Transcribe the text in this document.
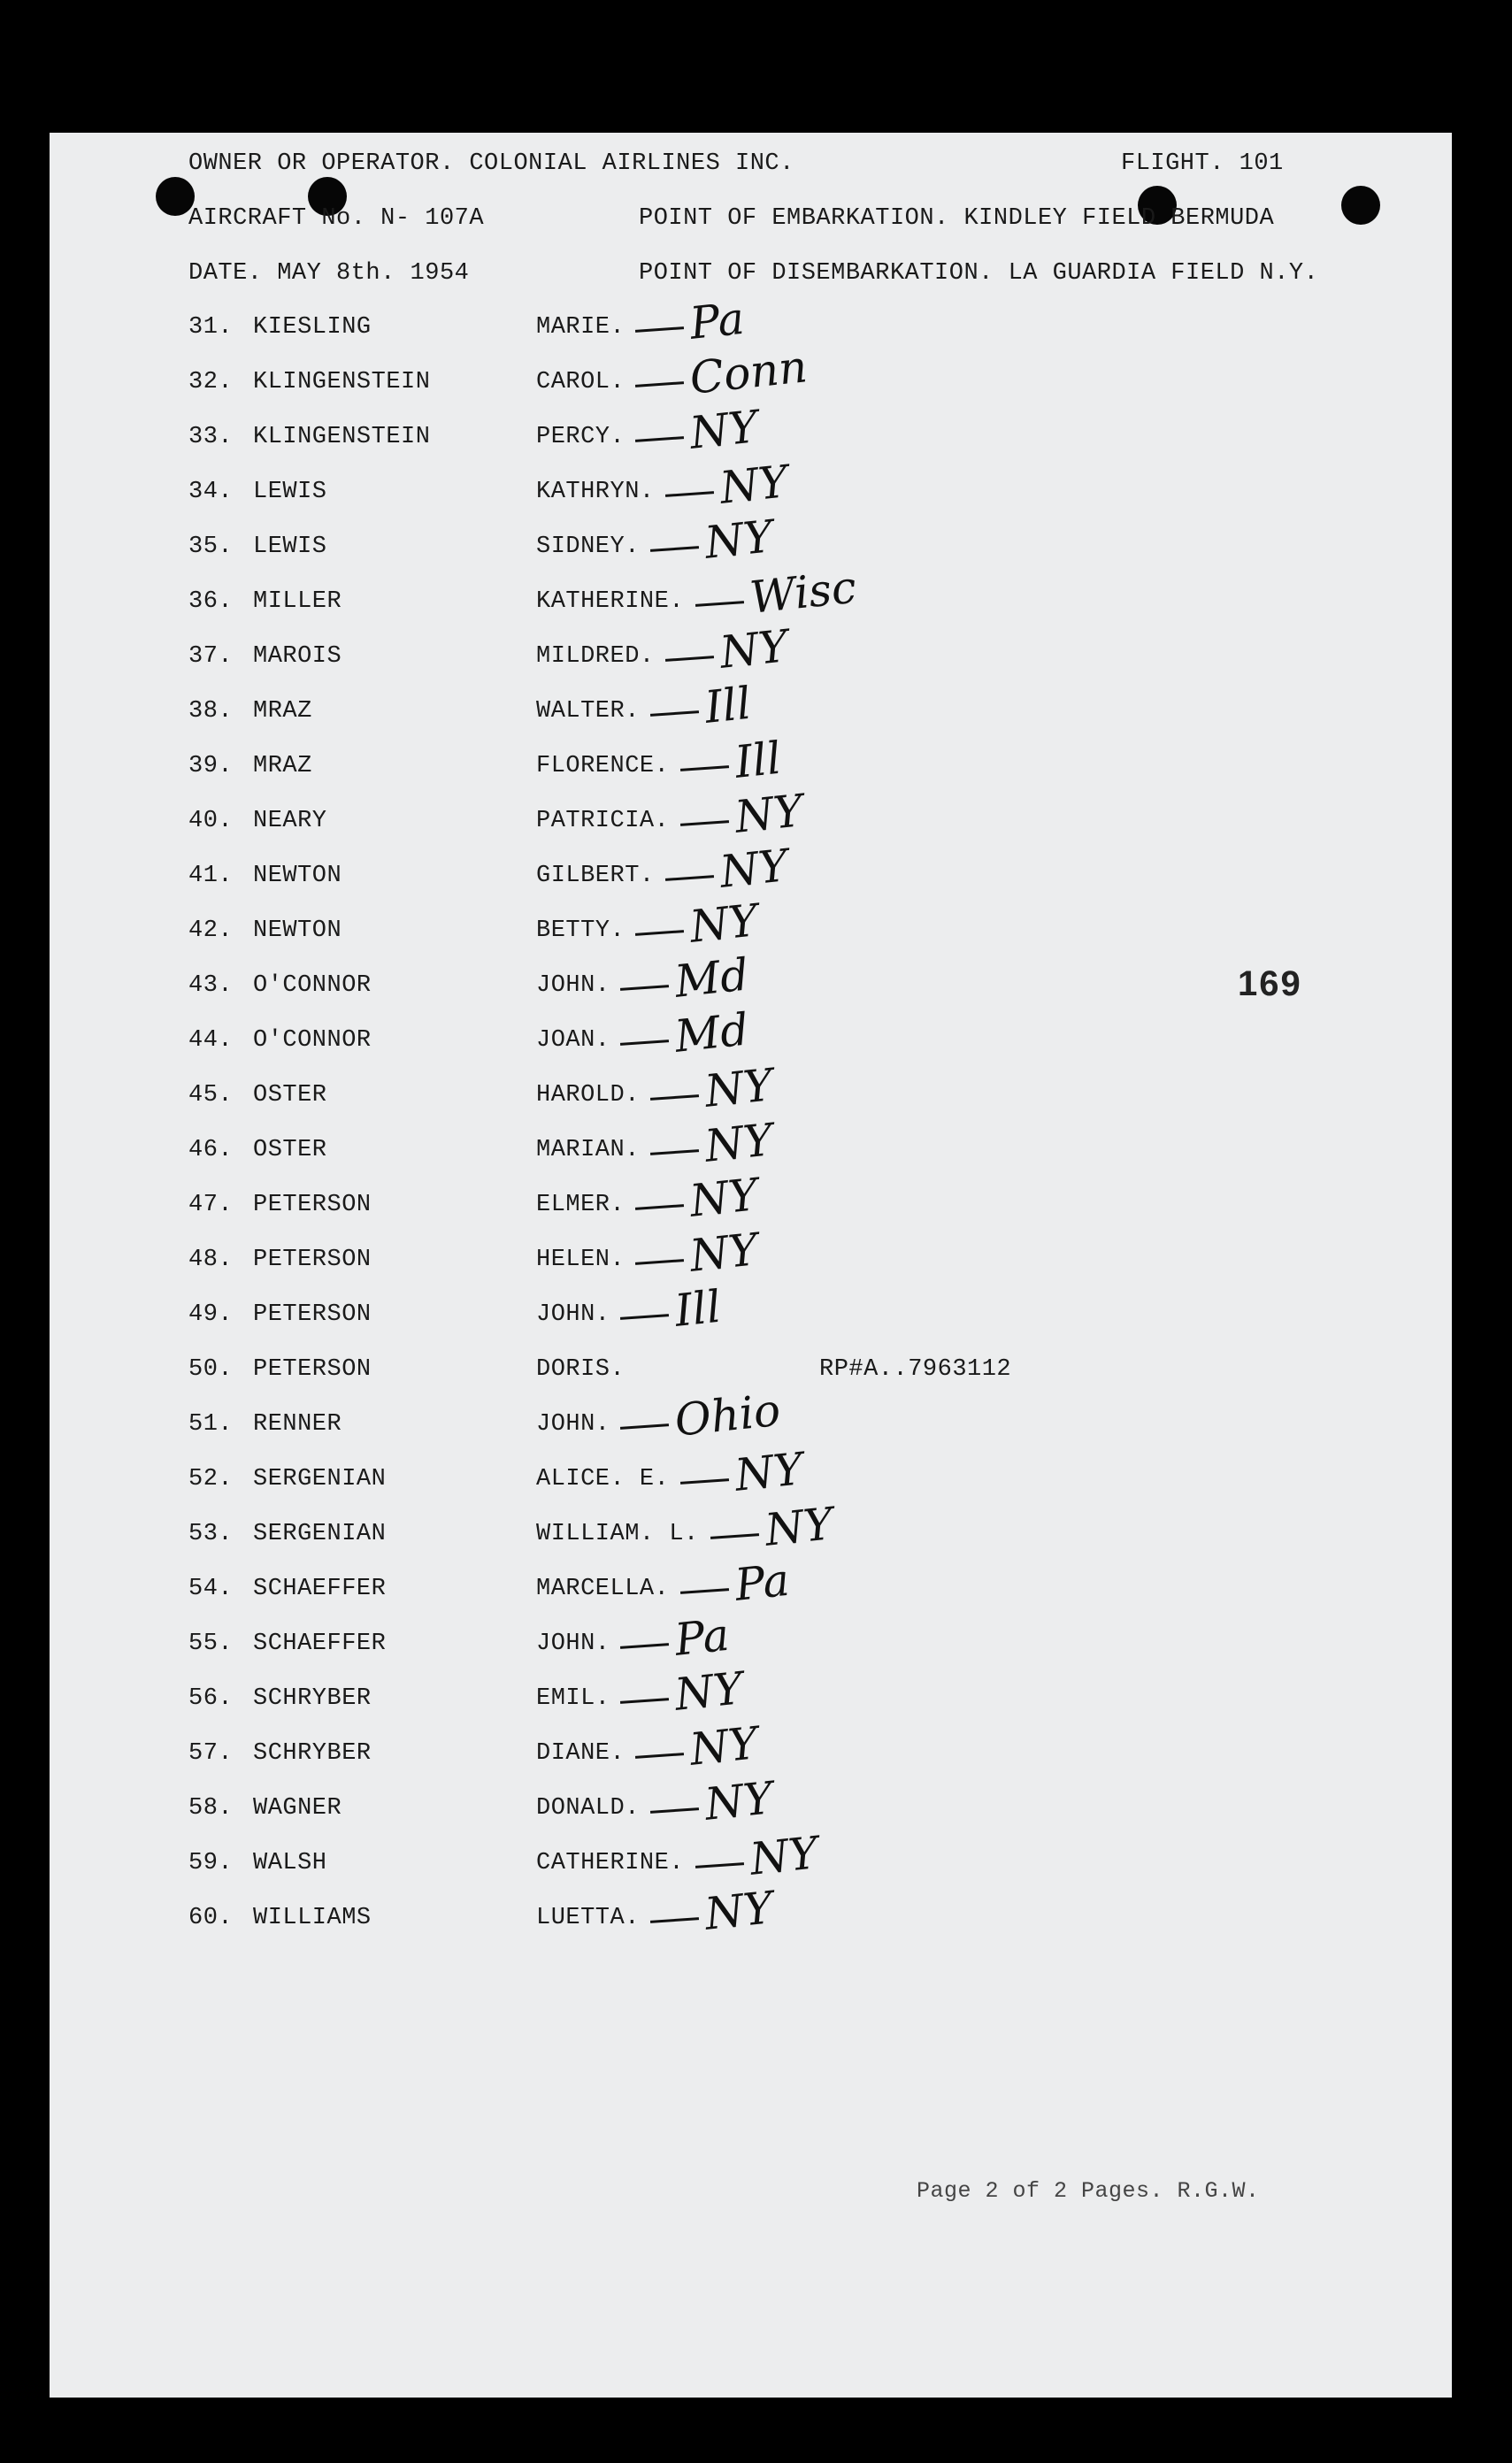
OWNER OR OPERATOR. COLONIAL AIRLINES INC.	FLIGHT. 101
AIRCRAFT No. N- 107A	POINT OF EMBARKATION. KINDLEY FIELD BERMUDA
DATE. MAY 8th. 1954	POINT OF DISEMBARKATION. LA GUARDIA FIELD N.Y.
31. KIESLING	MARIE. Pa
32. KLINGENSTEIN	CAROL. Conn
33. KLINGENSTEIN	PERCY. NY
34. LEWIS	KATHRYN. NY
35. LEWIS	SIDNEY. NY
36. MILLER	KATHERINE. Wisc
37. MAROIS	MILDRED. NY
38. MRAZ	WALTER. Ill
39. MRAZ	FLORENCE. Ill
40. NEARY	PATRICIA. NY
41. NEWTON	GILBERT. NY
42. NEWTON	BETTY. NY
43. O'CONNOR	JOHN. Md
44. O'CONNOR	JOAN. Md
45. OSTER	HAROLD. NY
46. OSTER	MARIAN. NY
47. PETERSON	ELMER. NY
48. PETERSON	HELEN. NY
49. PETERSON	JOHN. Ill
50. PETERSON	DORIS.	RP#A..7963112
51. RENNER	JOHN. Ohio
52. SERGENIAN	ALICE. E. NY
53. SERGENIAN	WILLIAM. L. NY
54. SCHAEFFER	MARCELLA. Pa
55. SCHAEFFER	JOHN. Pa
56. SCHRYBER	EMIL. NY
57. SCHRYBER	DIANE. NY
58. WAGNER	DONALD. NY
59. WALSH	CATHERINE. NY
60. WILLIAMS	LUETTA. NY
169
Page 2 of 2 Pages. R.G.W.
